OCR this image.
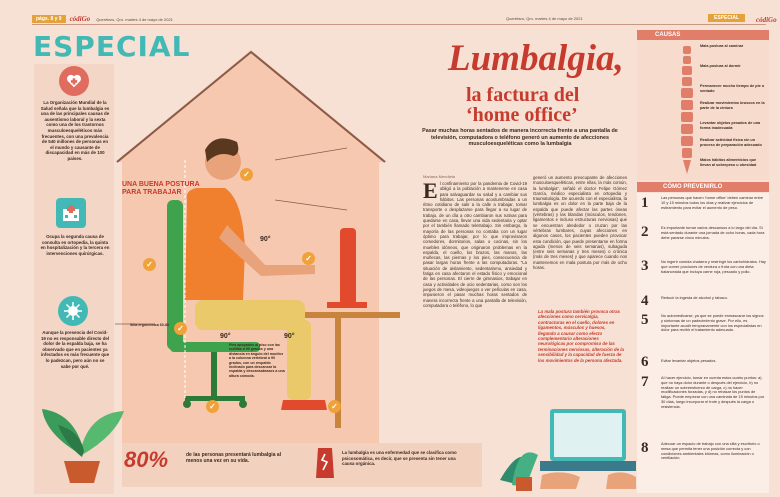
págs. 8 y 9	códiGo Querétaro, Qro. martes 4 de mayo de 2021	Querétaro, Qro. martes 4 de mayo de 2021	ESPECIAL	códiGo
ESPECIAL
La Organización Mundial de la Salud señala que la lumbalgia es una de las principales causas de ausentismo laboral y la sexta como una de los trastornos musculoesqueléticos más frecuentes, con una prevalencia de 540 millones de personas en el mundo y causante de discapacidad en más de 100 países.
Ocupa la segunda causa de consulta en ortopedia, la quinta en hospitalización y la tercera en intervenciones quirúrgicas.
Aunque la presencia del Covid-19 no es responsable directo del dolor de la espalda baja, se ha observado que en pacientes ya infectados es más frecuente que lo padezcan, pero aún no se sabe por qué.
UNA BUENA POSTURA PARA TRABAJAR
90°
90°	90°
✓
✓
✓
✓
✓	✓
Silla ergonómica 60-80
Pies apoyados al piso con las rodillas a 90 grados y una distancia en ángulo del monitor a la columna vertebral a 90 grados, con un respaldo inclinado para descansar la espalda y descansabrazos a una altura cómoda.
Lumbalgia,
la factura del
‘home office’
Pasar muchas horas sentados de manera incorrecta frente a una pantalla de televisión, computadora o teléfono generó un aumento de afecciones musculoesqueléticas como la lumbalgia
Mariana Mendieta
E l confinamiento por la pandemia de Covid-19 obligó a la población a mantenerse en casa para salvaguardar su salud y a cambiar sus hábitos. Las personas acostumbradas a un ritmo cotidiano de salir a la calle a trabajar, tomar transporte o desplazarse para llegar a su lugar de trabajo, de un día a otro cambiaron sus rutinas para quedarse en casa, llevar una vida sedentaria y optar por el también llamado teletrabajo. Sin embargo, la mayoría de las personas no contaba con un lugar óptimo para trabajar, por lo que improvisaron comedores, dormitorios, salas o cocinas, sin los muebles idóneos, que originaron problemas en la espalda, el cuello, los brazos, las manos, las muñecas, las piernas y los pies, consecuencia de pasar largas horas frente a las computadoras. “La situación de aislamiento, sedentarismo, ansiedad y fatiga en casa afectaron el estado físico y emocional de las personas. El cierre de gimnasios, trabajar en casa y actividades de ocio sedentarias, como son los juegos de mesa, videojuegos o ver películas en casa, impusieron el pasar muchas horas sentados de manera incorrecta frente a una pantalla de televisión, computadora o teléfono, lo que
generó un aumento preocupante de afecciones musculoesqueléticas, entre ellas, la más común, la lumbalgia”, señaló el doctor Felipe Gómez García, médico especialista en ortopedia y traumatología. De acuerdo con el especialista, la lumbalgia es un dolor en la parte baja de la espalda que puede afectar las partes óseas (vértebras) y las blandas (músculos, tendones, ligamentos e incluso estructuras nerviosas) que se encuentran alrededor o cruzan por las vértebras lumbares, cuyas afecciones en algunos casos, los pacientes pueden provocar esta condición, que puede presentarse en forma aguda (menos de seis semanas), subaguda (entre seis semanas y tres meses) o crónica (más de tres meses) y que aparece cuando nos mantenemos en mala postura por más de ocho horas.
La mala postura también provoca otras afecciones como cervicalgia, contracturas en el cuello, dolores en ligamentos, músculos y huesos, llegando a causar como efecto complementario alteraciones neurológicas por compromiso de las terminaciones nerviosas, alteración de la sensibilidad y la capacidad de fuerza de los movimientos de la persona afectada.
CAUSAS
Mala postura al caminar
Mala postura al dormir
Permanecer mucho tiempo de pie o sentado
Realizar movimientos bruscos en la parte de la cintura
Levantar objetos pesados de una forma inadecuada
Realizar actividad física sin un proceso de preparación adecuado
Malos hábitos alimenticios que llevan al sobrepeso u obesidad
CÓMO PREVENIRLO
1	Las personas que hacen ‘home office’ deben caminar entre 10 y 15 minutos todos los días y realizar ejercicios de estiramiento para evitar el aumento de peso.
2	Es importante tomar varios descansos a lo largo del día. Si está sentado durante una jornada de ocho horas, cada hora debe pararse cinco minutos.
3	No ingerir comida chatarra y restringir los carbohidratos. Hay que comer porciones de verdura o fruta con una dieta balanceada que incluya carne roja, pescado y pollo.
4	Reducir la ingesta de alcohol y tabaco.
5	No automedicarse, ya que se puede enmascarar los signos y síntomas de un padecimiento grave. Por ello, es importante acudir tempranamente con los especialistas en dolor para recibir el tratamiento adecuado.
6	Evitar levantar objetos pesados.
7	Al hacer ejercicio, tomar en cuenta estos cuatro puntos: a) que no haya dolor durante o después del ejercicio, b) no realizar un sobreesfuerzo de carga, c) no hacer modificaciones forzadas, y d) no rebasar los puntos de fatiga. Puede empezar con una caminata de 15 minutos por 30 días, luego incorporar el trote y después la carga o resistencia.
8	Adecuar un espacio de trabajo con una silla y escritorio o mesa que permita tener una posición correcta y con condiciones ambientales idóneas, como iluminación o ventilación.
80%	de las personas presentará lumbalgia al menos una vez en su vida.
La lumbalgia es una enfermedad que se clasifica como psicosomática, es decir, que se presenta sin tener una causa orgánica.
